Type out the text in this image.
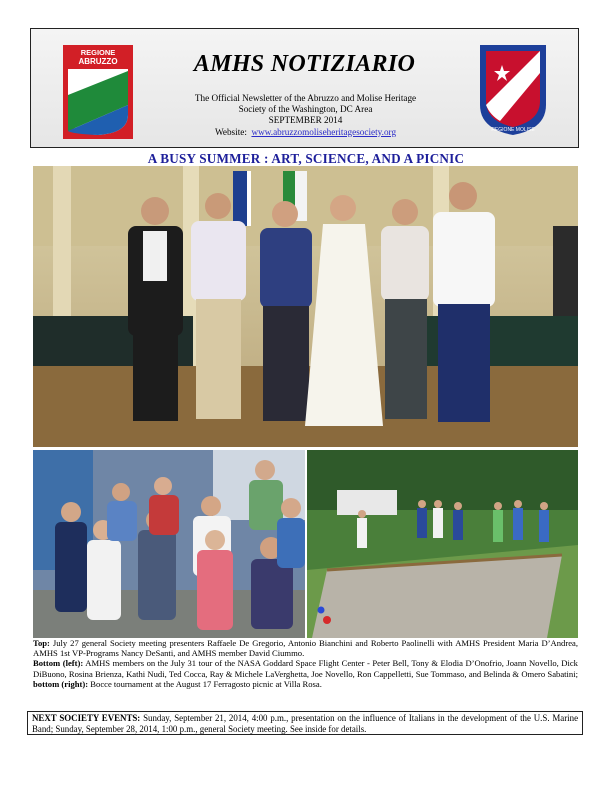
REGIONE
ABRUZZO
REGIONE MOLISE
AMHS NOTIZIARIO
The Official Newsletter of the Abruzzo and Molise Heritage
Society of the Washington, DC Area
SEPTEMBER 2014
Website: www.abruzzomoliseheritagesociety.org
A BUSY SUMMER : ART, SCIENCE, AND A PICNIC

Top: July 27 general Society meeting presenters Raffaele De Gregorio, Antonio Bianchini and Roberto Paolinelli with AMHS President Maria D’Andrea, AMHS 1st VP-Programs Nancy DeSanti, and AMHS member David Ciummo.

Bottom (left): AMHS members on the July 31 tour of the NASA Goddard Space Flight Center - Peter Bell, Tony & Elodia D’Onofrio, Joann Novello, Dick DiBuono, Rosina Brienza, Kathi Nudi, Ted Cocca, Ray & Michele LaVerghetta, Joe Novello, Ron Cappelletti, Sue Tommaso, and Belinda & Omero Sabatini; bottom (right): Bocce tournament at the August 17 Ferragosto picnic at Villa Rosa.

NEXT SOCIETY EVENTS: Sunday, September 21, 2014, 4:00 p.m., presentation on the influence of Italians in the development of the U.S. Marine Band; Sunday, September 28, 2014, 1:00 p.m., general Society meeting. See inside for details.
